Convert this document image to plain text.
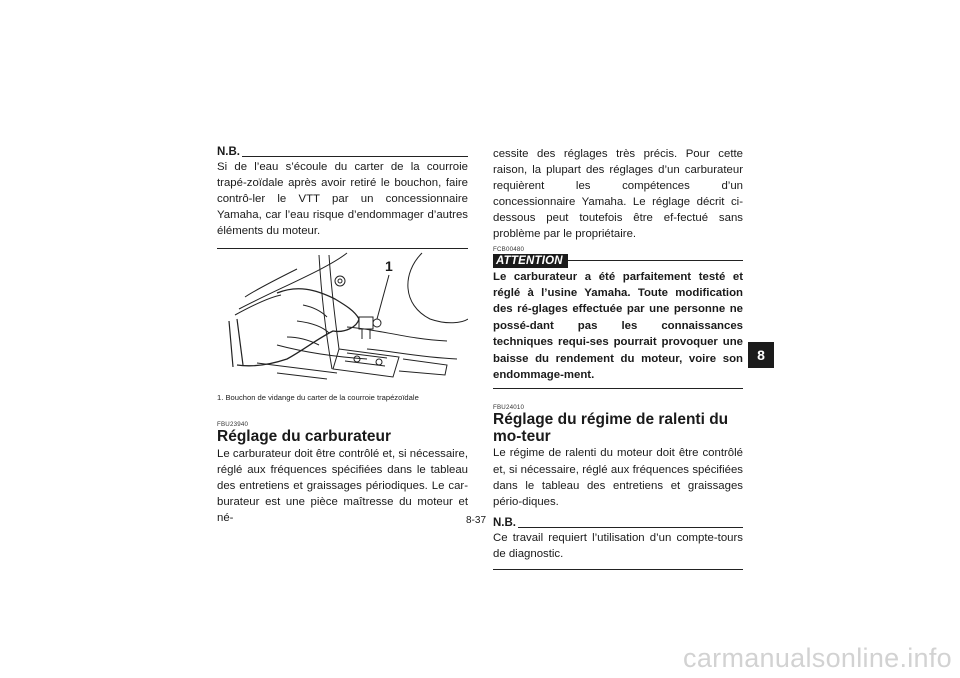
N.B.

Si de l’eau s’écoule du carter de la courroie trapé-zoïdale après avoir retiré le bouchon, faire contrô-ler le VTT par un concessionnaire Yamaha, car l’eau risque d’endommager d’autres éléments du moteur.

1

1. Bouchon de vidange du carter de la courroie trapézoïdale

FBU23940

Réglage du carburateur

Le carburateur doit être contrôlé et, si nécessaire, réglé aux fréquences spécifiées dans le tableau des entretiens et graissages périodiques. Le car-burateur est une pièce maîtresse du moteur et né-

cessite des réglages très précis. Pour cette raison, la plupart des réglages d’un carburateur requièrent les compétences d’un concessionnaire Yamaha. Le réglage décrit ci-dessous peut toutefois être ef-fectué sans problème par le propriétaire.

FCB00480

ATTENTION

Le carburateur a été parfaitement testé et réglé à l’usine Yamaha. Toute modification des ré-glages effectuée par une personne ne possé-dant pas les connaissances techniques requi-ses pourrait provoquer une baisse du rendement du moteur, voire son endommage-ment.

FBU24010

Réglage du régime de ralenti du mo-teur

Le régime de ralenti du moteur doit être contrôlé et, si nécessaire, réglé aux fréquences spécifiées dans le tableau des entretiens et graissages pério-diques.

N.B.

Ce travail requiert l’utilisation d’un compte-tours de diagnostic.

8-37
8
carmanualsonline.info
